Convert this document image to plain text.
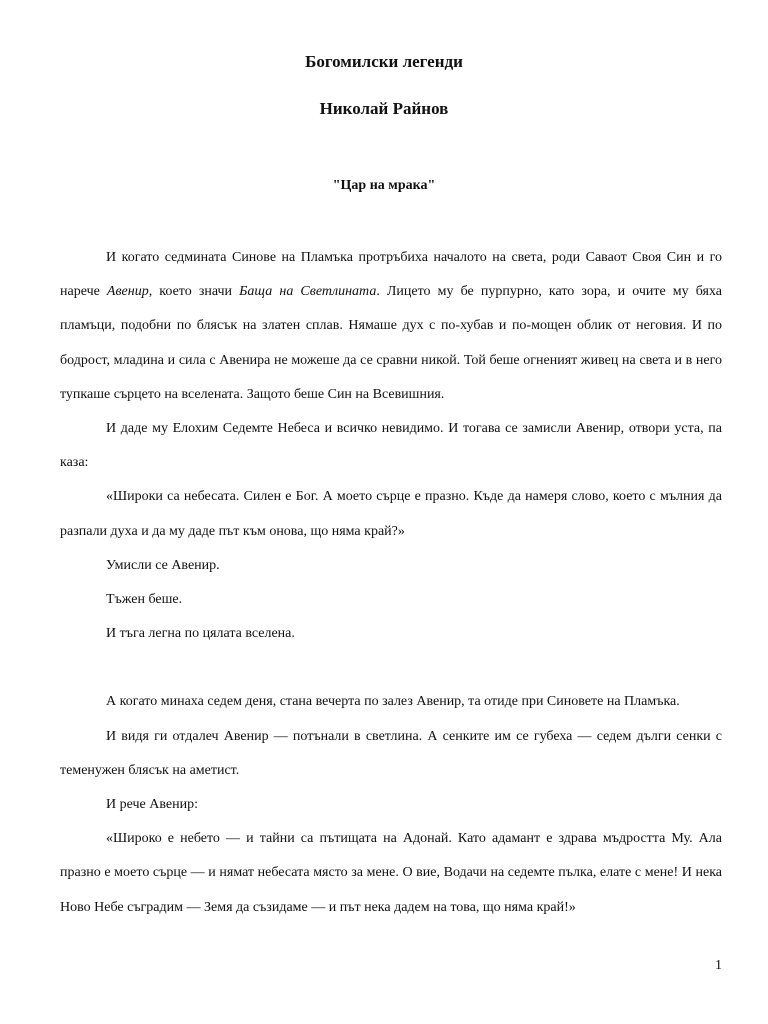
Богомилски легенди
Николай Райнов
"Цар на мрака"

И когато седмината Синове на Пламъка протръбиха началото на света, роди Саваот Своя Син и го нарече Авенир, което значи Баща на Светлината. Лицето му бе пурпурно, като зора, и очите му бяха пламъци, подобни по блясък на златен сплав. Нямаше дух с по-хубав и по-мощен облик от неговия. И по бодрост, младина и сила с Авенира не можеше да се сравни никой. Той беше огненият живец на света и в него тупкаше сърцето на вселената. Защото беше Син на Всевишния.

И даде му Елохим Седемте Небеса и всичко невидимо. И тогава се замисли Авенир, отвори уста, па каза:

«Широки са небесата. Силен е Бог. А моето сърце е празно. Къде да намеря слово, което с мълния да разпали духа и да му даде път към онова, що няма край?»

Умисли се Авенир.

Тъжен беше.

И тъга легна по цялата вселена.

А когато минаха седем деня, стана вечерта по залез Авенир, та отиде при Синовете на Пламъка.

И видя ги отдалеч Авенир — потънали в светлина. А сенките им се губеха — седем дълги сенки с теменужен блясък на аметист.

И рече Авенир:

«Широко е небето — и тайни са пътищата на Адонай. Като адамант е здрава мъдростта Му. Ала празно е моето сърце — и нямат небесата място за мене. О вие, Водачи на седемте пълка, елате с мене! И нека Ново Небе съградим — Земя да съзидаме — и път нека дадем на това, що няма край!»

1
